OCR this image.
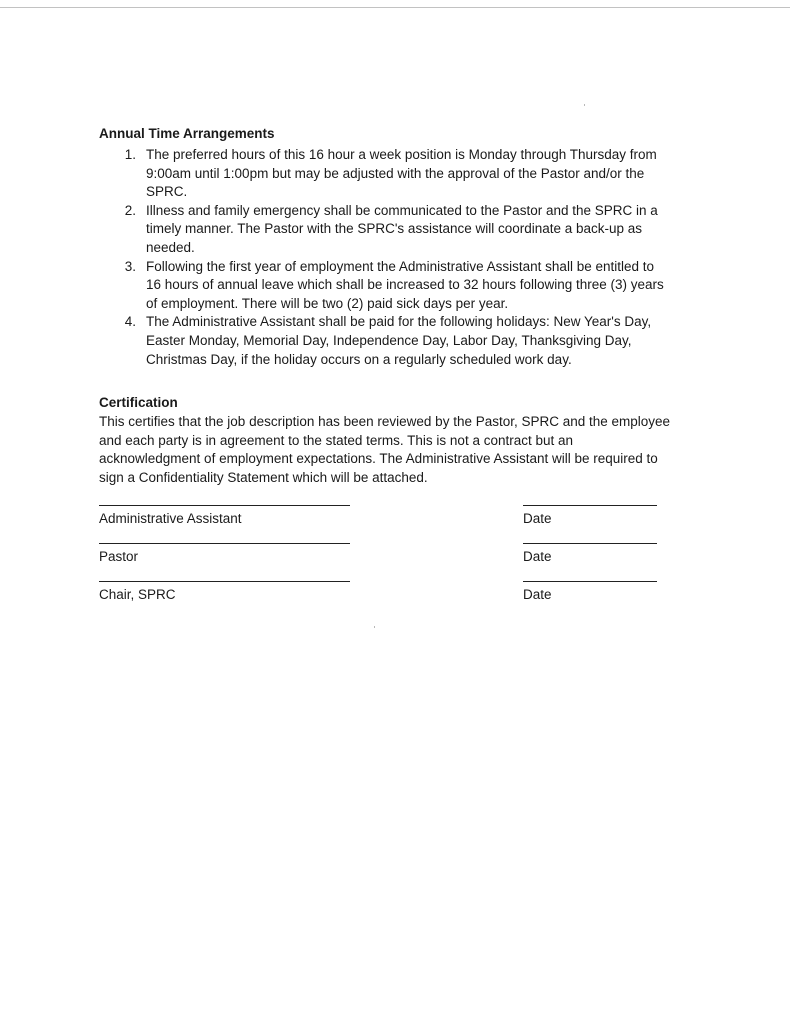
Annual Time Arrangements
1. The preferred hours of this 16 hour a week position is Monday through Thursday from
9:00am until 1:00pm but may be adjusted with the approval of the Pastor and/or the
SPRC.
2. Illness and family emergency shall be communicated to the Pastor and the SPRC in a
timely manner. The Pastor with the SPRC's assistance will coordinate a back-up as
needed.
3. Following the first year of employment the Administrative Assistant shall be entitled to
16 hours of annual leave which shall be increased to 32 hours following three (3) years
of employment. There will be two (2) paid sick days per year.
4. The Administrative Assistant shall be paid for the following holidays: New Year's Day,
Easter Monday, Memorial Day, Independence Day, Labor Day, Thanksgiving Day,
Christmas Day, if the holiday occurs on a regularly scheduled work day.
Certification

This certifies that the job description has been reviewed by the Pastor, SPRC and the employee
and each party is in agreement to the stated terms. This is not a contract but an
acknowledgment of employment expectations. The Administrative Assistant will be required to
sign a Confidentiality Statement which will be attached.

Administrative Assistant	Date
Pastor	Date
Chair, SPRC	Date
